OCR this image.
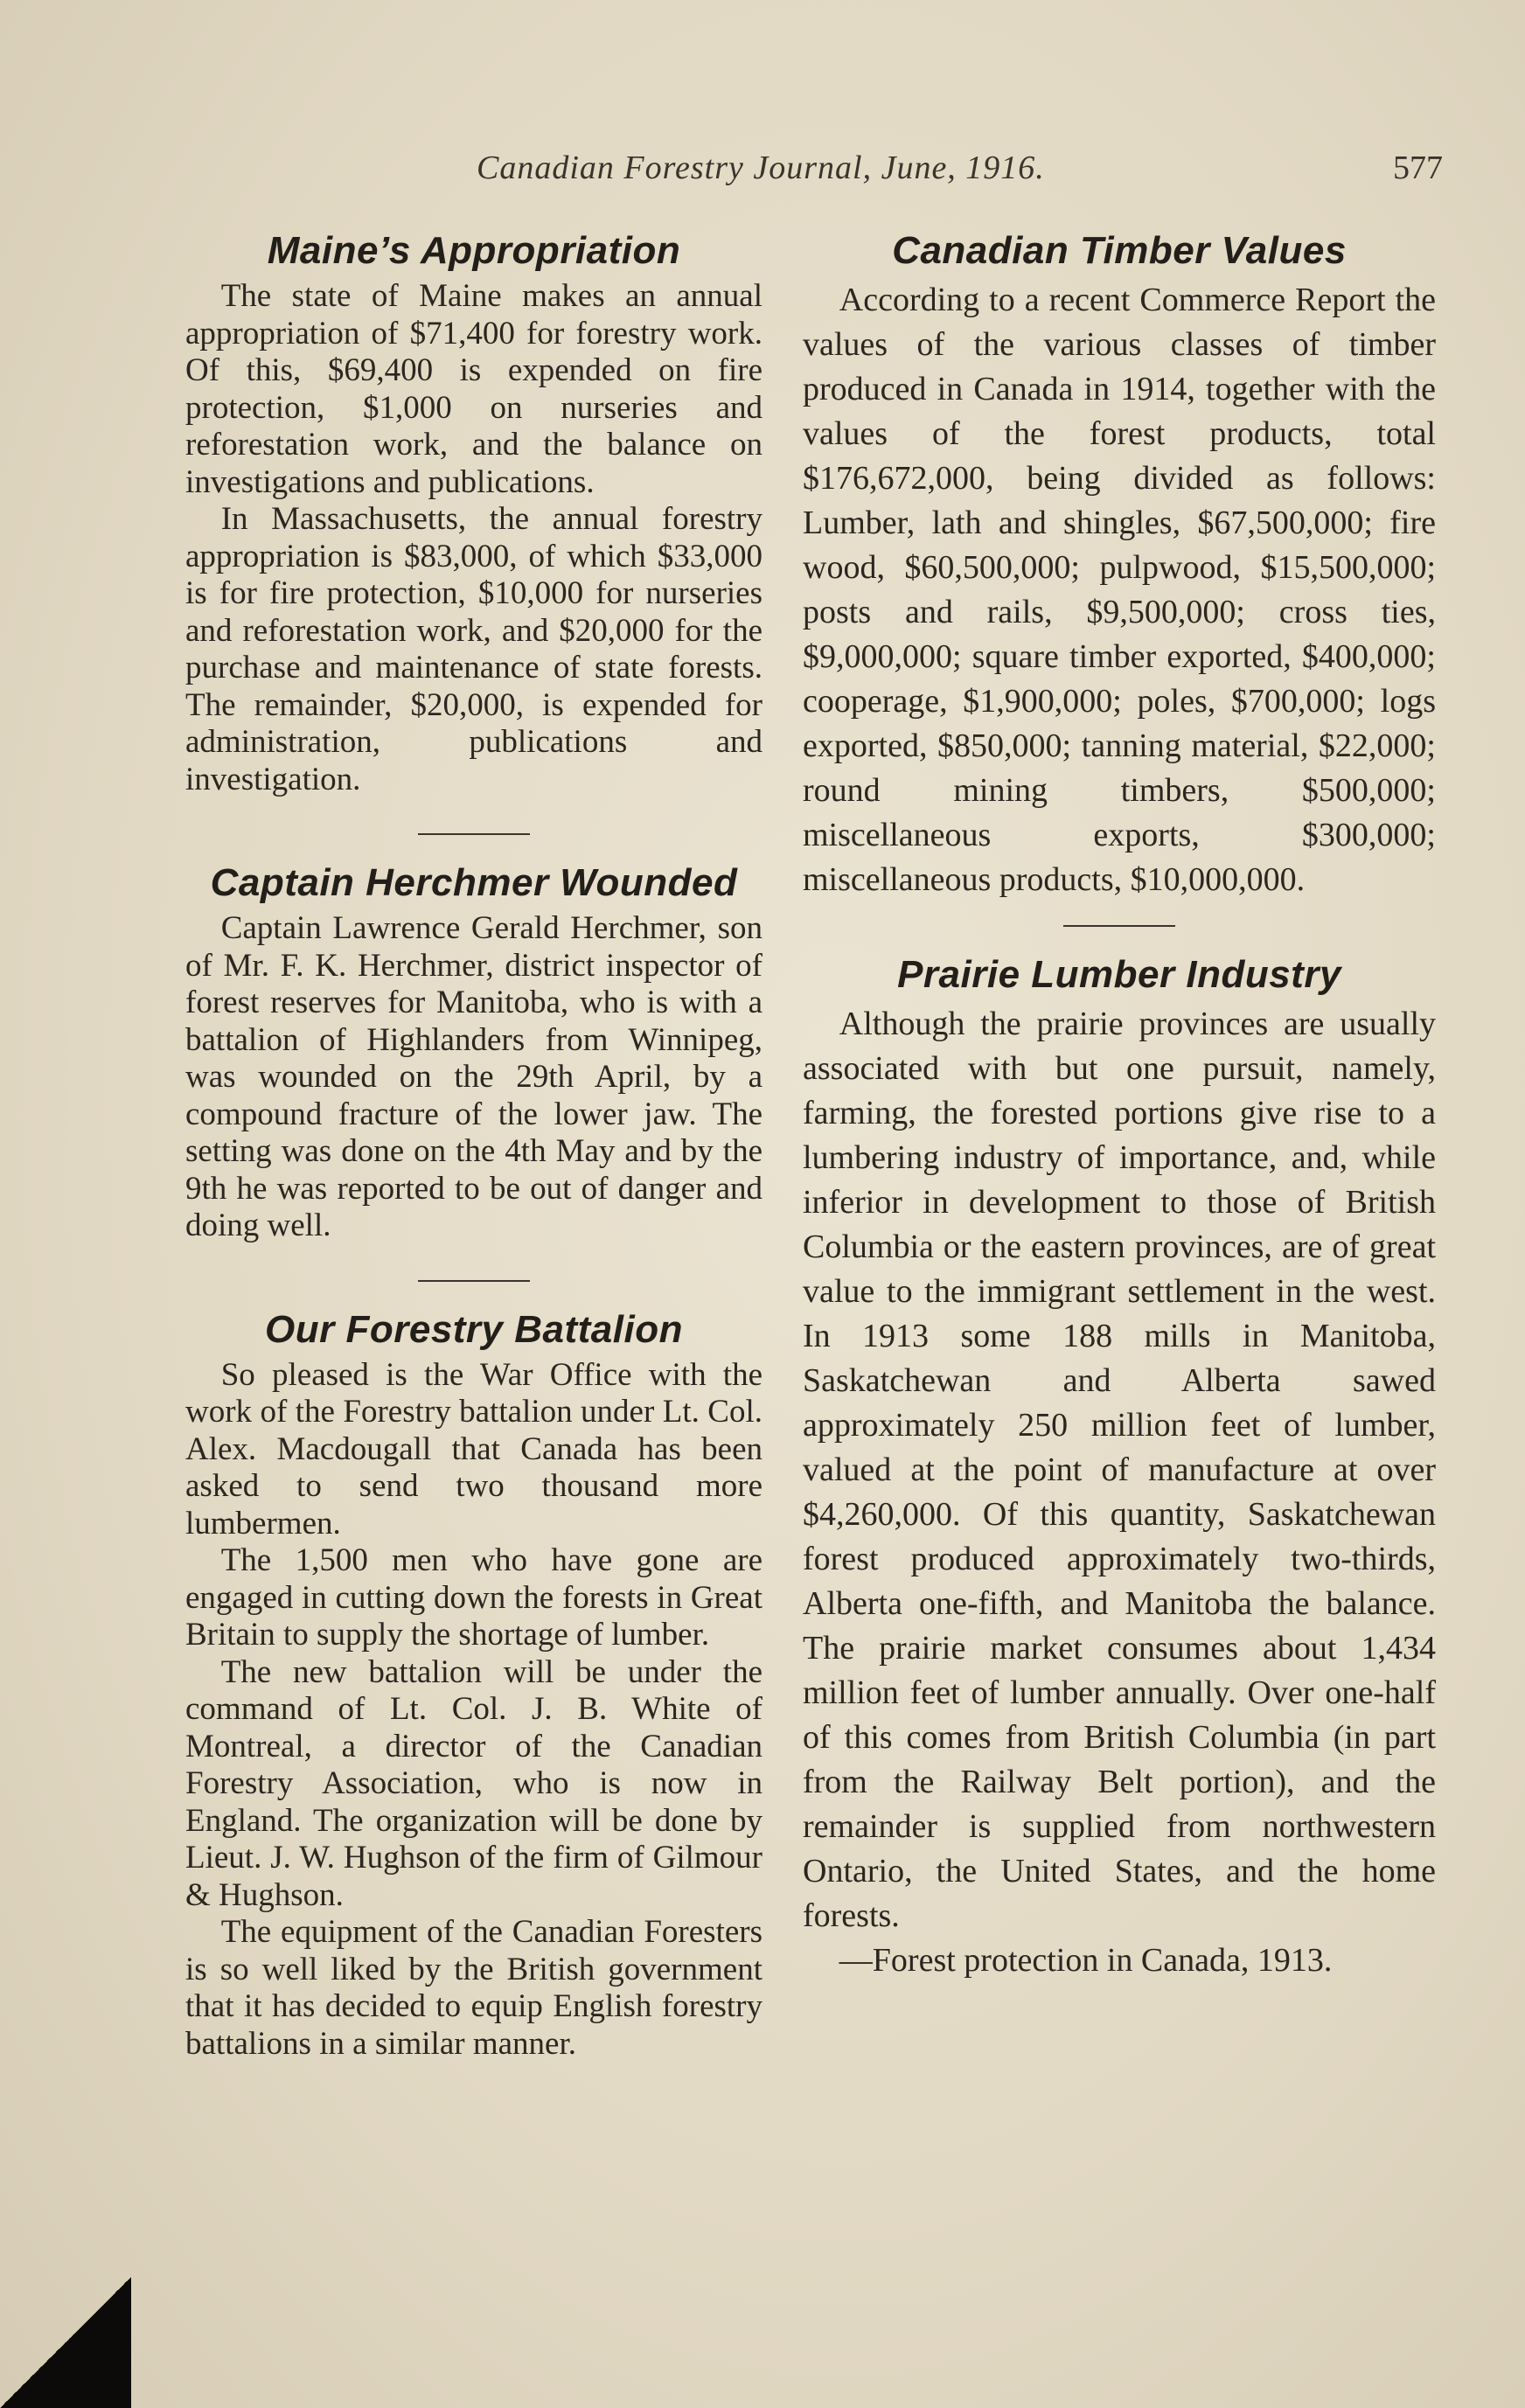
Canadian Forestry Journal, June, 1916.	577
Maine’s Appropriation

The state of Maine makes an annual appropriation of $71,400 for forestry work. Of this, $69,400 is expended on fire protection, $1,000 on nurseries and reforestation work, and the balance on investigations and publications.

In Massachusetts, the annual forestry appropriation is $83,000, of which $33,000 is for fire protection, $10,000 for nurseries and reforestation work, and $20,000 for the purchase and maintenance of state forests. The remainder, $20,000, is expended for administration, publications and investigation.

Captain Herchmer Wounded

Captain Lawrence Gerald Herchmer, son of Mr. F. K. Herchmer, district inspector of forest reserves for Manitoba, who is with a battalion of Highlanders from Winnipeg, was wounded on the 29th April, by a compound fracture of the lower jaw. The setting was done on the 4th May and by the 9th he was reported to be out of danger and doing well.

Our Forestry Battalion

So pleased is the War Office with the work of the Forestry battalion under Lt. Col. Alex. Macdougall that Canada has been asked to send two thousand more lumbermen.

The 1,500 men who have gone are engaged in cutting down the forests in Great Britain to supply the shortage of lumber.

The new battalion will be under the command of Lt. Col. J. B. White of Montreal, a director of the Canadian Forestry Association, who is now in England. The organization will be done by Lieut. J. W. Hughson of the firm of Gilmour & Hughson.

The equipment of the Canadian Foresters is so well liked by the British government that it has decided to equip English forestry battalions in a similar manner.

Canadian Timber Values

According to a recent Commerce Report the values of the various classes of timber produced in Canada in 1914, together with the values of the forest products, total $176,672,000, being divided as follows: Lumber, lath and shingles, $67,500,000; fire wood, $60,500,000; pulpwood, $15,500,000; posts and rails, $9,500,000; cross ties, $9,000,000; square timber exported, $400,000; cooperage, $1,900,000; poles, $700,000; logs exported, $850,000; tanning material, $22,000; round mining timbers, $500,000; miscellaneous exports, $300,000; miscellaneous products, $10,000,000.

Prairie Lumber Industry

Although the prairie provinces are usually associated with but one pursuit, namely, farming, the forested portions give rise to a lumbering industry of importance, and, while inferior in development to those of British Columbia or the eastern provinces, are of great value to the immigrant settlement in the west. In 1913 some 188 mills in Manitoba, Saskatchewan and Alberta sawed approximately 250 million feet of lumber, valued at the point of manufacture at over $4,260,000. Of this quantity, Saskatchewan forest produced approximately two-thirds, Alberta one-fifth, and Manitoba the balance. The prairie market consumes about 1,434 million feet of lumber annually. Over one-half of this comes from British Columbia (in part from the Railway Belt portion), and the remainder is supplied from northwestern Ontario, the United States, and the home forests.

—Forest protection in Canada, 1913.
